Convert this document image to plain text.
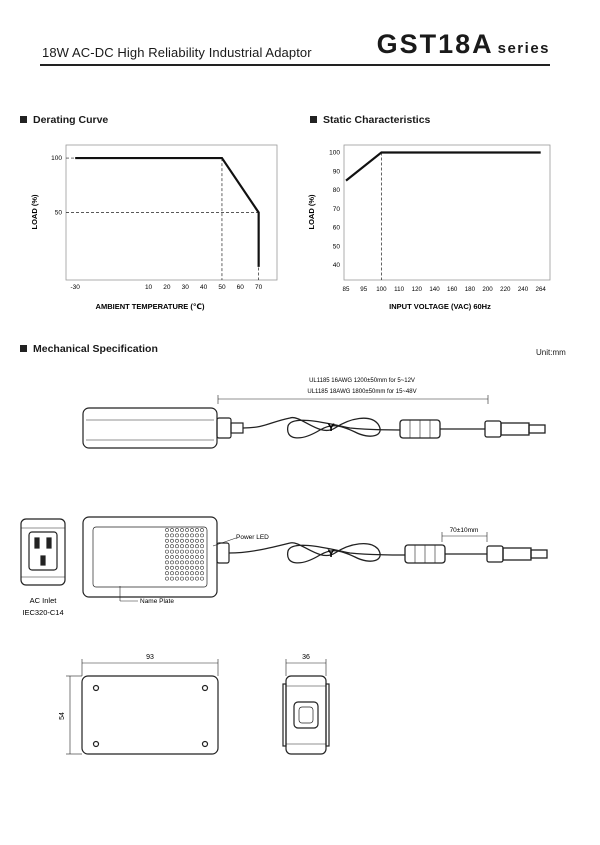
18W AC-DC High Reliability Industrial Adaptor GST18A series
Derating Curve	Static Characteristics
Mechanical Specification	Unit:mm
-30	10 20 30 40 50 60 70
100
50
AMBIENT TEMPERATURE (℃)
LOAD (%)
85 95 100 110 120 140 160 180 200 220 240 264
100
90
80
70
60
50
40
INPUT VOLTAGE (VAC) 60Hz
LOAD (%)
Y
UL1185 16AWG 1200±50mm for 5~12V
UL1185 18AWG 1800±50mm for 15~48V
AC Inlet
IEC320-C14
Power LED
Name Plate
Y
70±10mm
93
54
36
